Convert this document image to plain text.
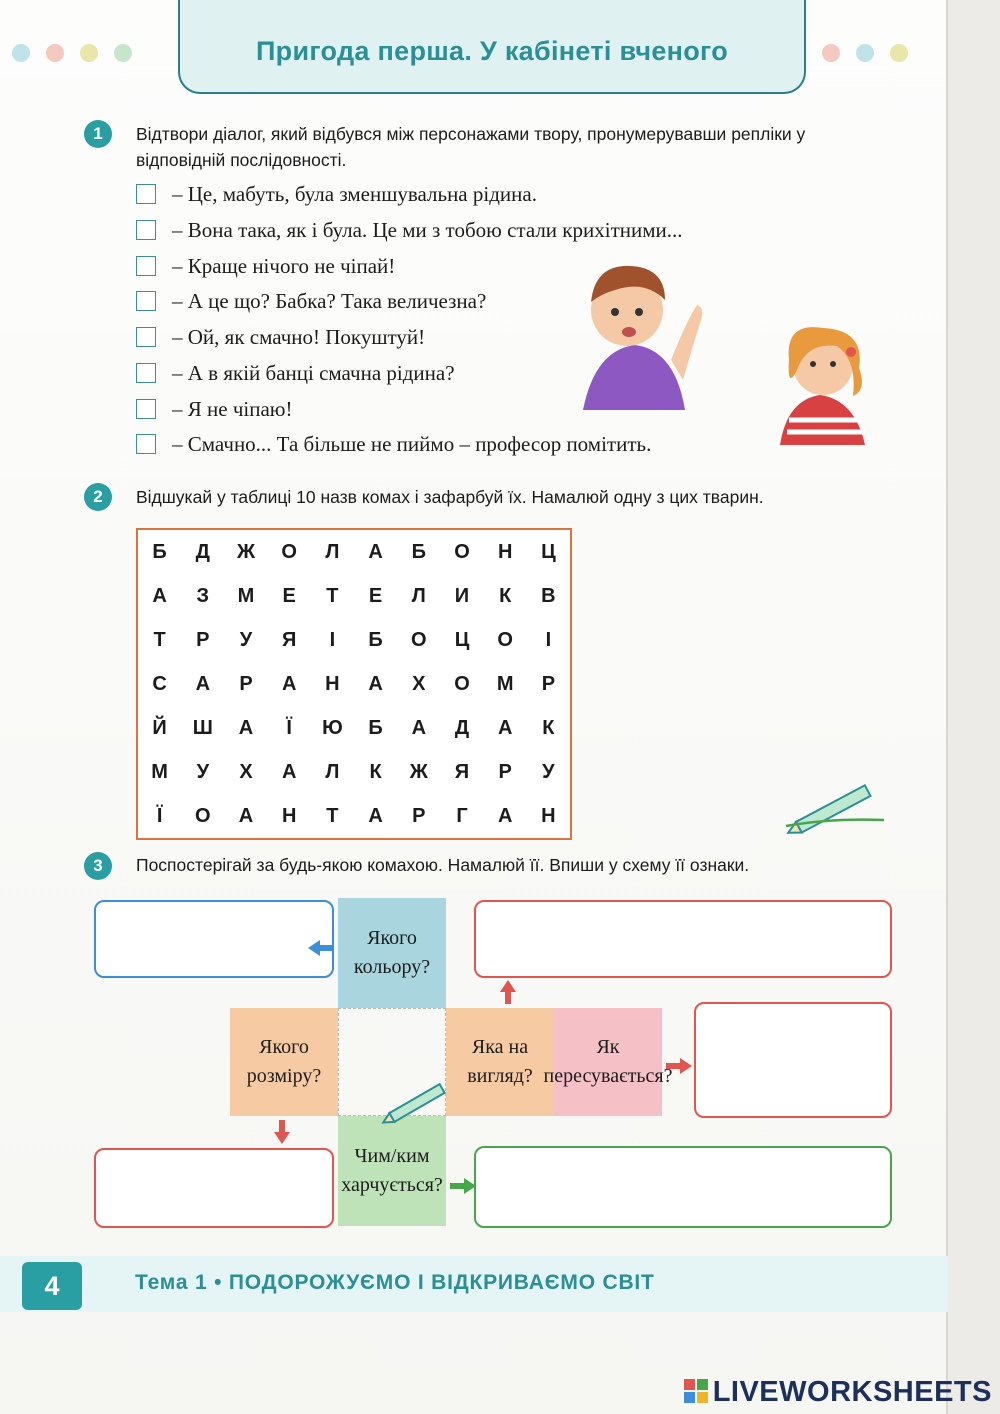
Пригода перша. У кабінеті вченого
1	Відтвори діалог, який відбувся між персонажами твору, пронумерувавши репліки у відповідній послідовності.
– Це, мабуть, була зменшувальна рідина.
– Вона така, як і була. Це ми з тобою стали крихітними...
– Краще нічого не чіпай!
– А це що? Бабка? Така величезна?
– Ой, як смачно! Покуштуй!
– А в якій банці смачна рідина?
– Я не чіпаю!
– Смачно... Та більше не пиймо – професор помітить.
2	Відшукай у таблиці 10 назв комах і зафарбуй їх. Намалюй одну з цих тварин.
Б	Д	Ж	О	Л	А	Б	О	Н	Ц
А	З	М	Е	Т	Е	Л	И	К	В
Т	Р	У	Я	І	Б	О	Ц	О	І
С	А	Р	А	Н	А	Х	О	М	Р
Й	Ш	А	Ї	Ю	Б	А	Д	А	К
М	У	Х	А	Л	К	Ж	Я	Р	У
Ї	О	А	Н	Т	А	Р	Г	А	Н
3	Поспостерігай за будь-якою комахою. Намалюй її. Впиши у схему її ознаки.
Якого кольору?
Якого розміру?
Яка на вигляд?
Як пересувається?
Чим/ким харчується?
4	Тема 1 • ПОДОРОЖУЄМО І ВІДКРИВАЄМО СВІТ
LIVEWORKSHEETS
